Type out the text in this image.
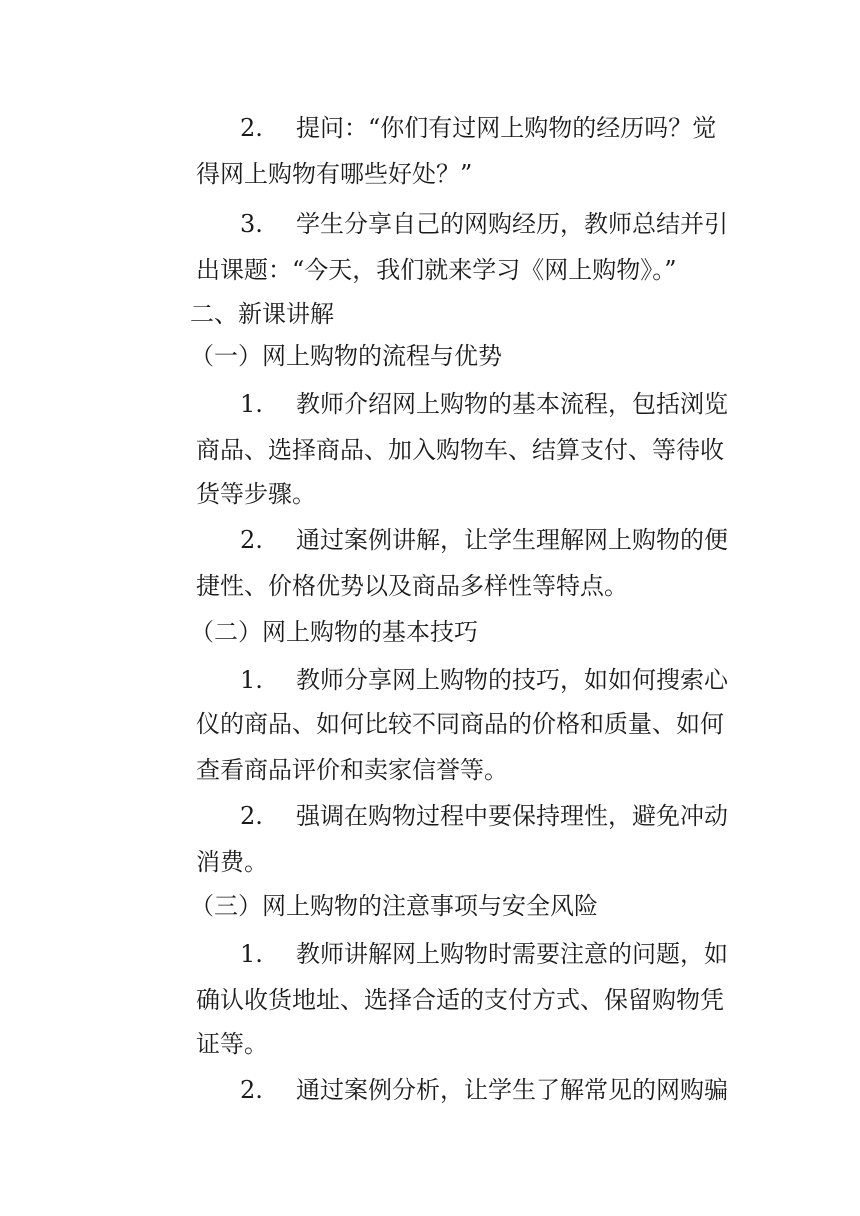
2. 提问：“你们有过网上购物的经历吗？觉
得网上购物有哪些好处？”
3. 学生分享自己的网购经历，教师总结并引
出课题：“今天，我们就来学习《网上购物》。”
二、新课讲解
（一）网上购物的流程与优势
1. 教师介绍网上购物的基本流程，包括浏览
商品、选择商品、加入购物车、结算支付、等待收
货等步骤。
2. 通过案例讲解，让学生理解网上购物的便
捷性、价格优势以及商品多样性等特点。
（二）网上购物的基本技巧
1. 教师分享网上购物的技巧，如如何搜索心
仪的商品、如何比较不同商品的价格和质量、如何
查看商品评价和卖家信誉等。
2. 强调在购物过程中要保持理性，避免冲动
消费。
（三）网上购物的注意事项与安全风险
1. 教师讲解网上购物时需要注意的问题，如
确认收货地址、选择合适的支付方式、保留购物凭
证等。
2. 通过案例分析，让学生了解常见的网购骗
